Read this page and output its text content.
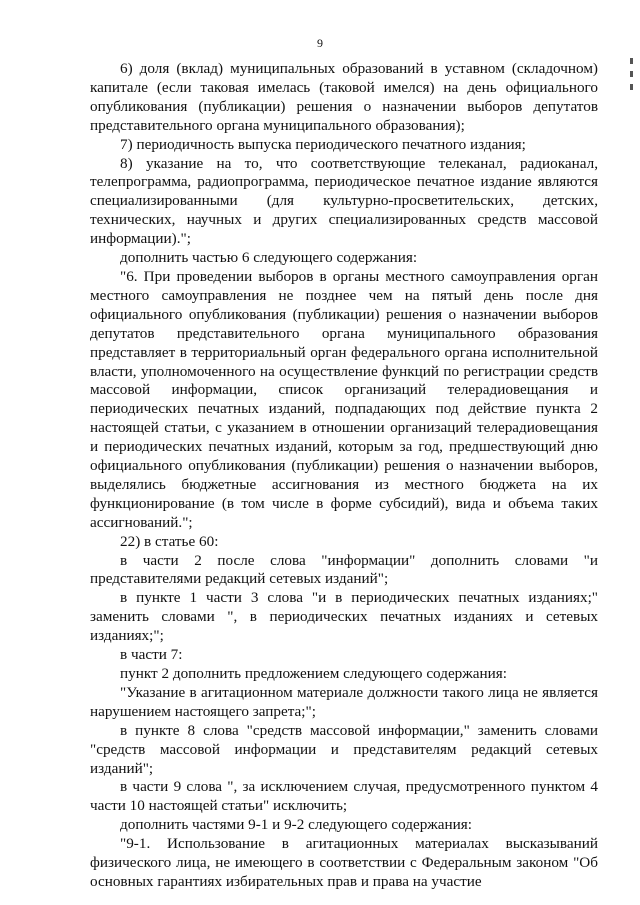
9

6) доля (вклад) муниципальных образований в уставном (складочном) капитале (если таковая имелась (таковой имелся) на день официального опубликования (публикации) решения о назначении выборов депутатов представительного органа муниципального образования);

7) периодичность выпуска периодического печатного издания;

8) указание на то, что соответствующие телеканал, радиоканал, телепрограмма, радиопрограмма, периодическое печатное издание являются специализированными (для культурно-просветительских, детских, технических, научных и других специализированных средств массовой информации).";

дополнить частью 6 следующего содержания:

"6. При проведении выборов в органы местного самоуправления орган местного самоуправления не позднее чем на пятый день после дня официального опубликования (публикации) решения о назначении выборов депутатов представительного органа муниципального образования представляет в территориальный орган федерального органа исполнительной власти, уполномоченного на осуществление функций по регистрации средств массовой информации, список организаций телерадиовещания и периодических печатных изданий, подпадающих под действие пункта 2 настоящей статьи, с указанием в отношении организаций телерадиовещания и периодических печатных изданий, которым за год, предшествующий дню официального опубликования (публикации) решения о назначении выборов, выделялись бюджетные ассигнования из местного бюджета на их функционирование (в том числе в форме субсидий), вида и объема таких ассигнований.";

22) в статье 60:

в части 2 после слова "информации" дополнить словами "и представителями редакций сетевых изданий";

в пункте 1 части 3 слова "и в периодических печатных изданиях;" заменить словами ", в периодических печатных изданиях и сетевых изданиях;";

в части 7:

пункт 2 дополнить предложением следующего содержания:

"Указание в агитационном материале должности такого лица не является нарушением настоящего запрета;";

в пункте 8 слова "средств массовой информации," заменить словами "средств массовой информации и представителям редакций сетевых изданий";

в части 9 слова ", за исключением случая, предусмотренного пунктом 4 части 10 настоящей статьи" исключить;

дополнить частями 9-1 и 9-2 следующего содержания:

"9-1. Использование в агитационных материалах высказываний физического лица, не имеющего в соответствии с Федеральным законом "Об основных гарантиях избирательных прав и права на участие
